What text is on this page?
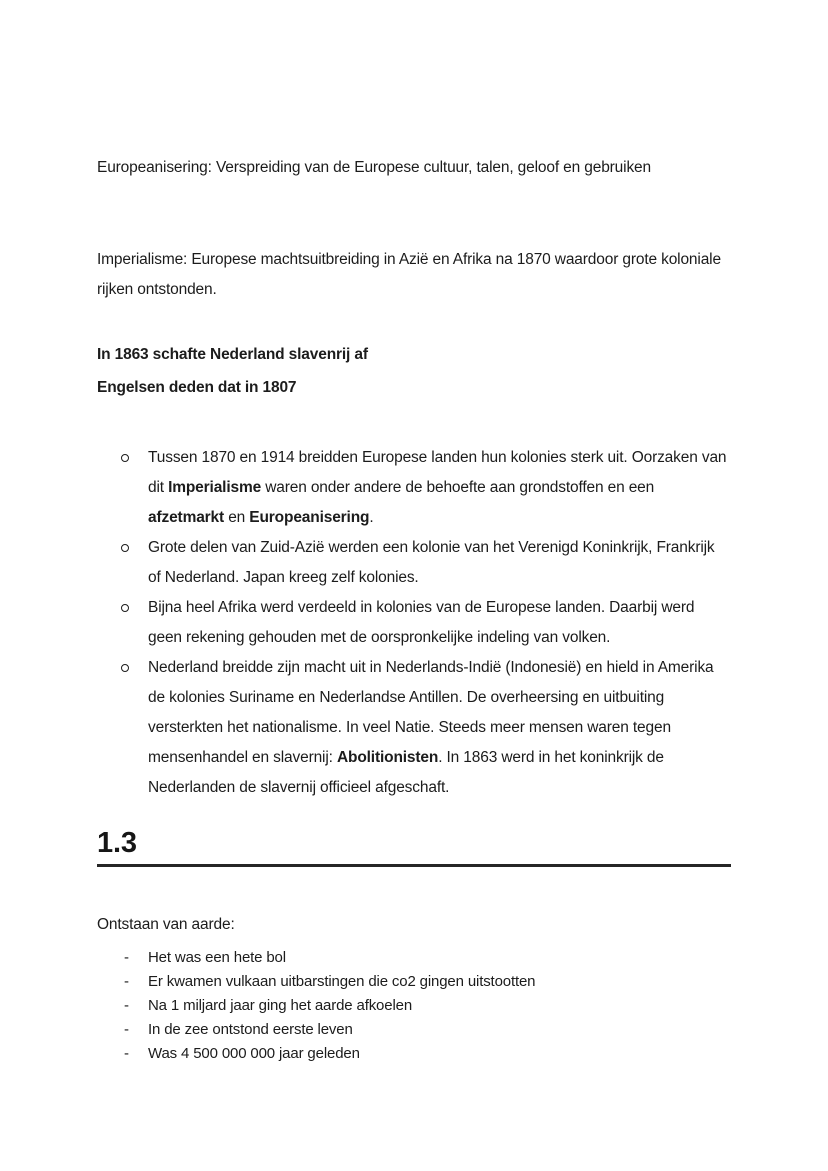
Europeanisering: Verspreiding van de Europese cultuur, talen, geloof en gebruiken

Imperialisme: Europese machtsuitbreiding in Azië en Afrika na 1870 waardoor grote koloniale rijken ontstonden.

In 1863 schafte Nederland slavenrij af

Engelsen deden dat in 1807

Tussen 1870 en 1914 breidden Europese landen hun kolonies sterk uit. Oorzaken van dit Imperialisme waren onder andere de behoefte aan grondstoffen en een afzetmarkt en Europeanisering.
Grote delen van Zuid-Azië werden een kolonie van het Verenigd Koninkrijk, Frankrijk of Nederland. Japan kreeg zelf kolonies.
Bijna heel Afrika werd verdeeld in kolonies van de Europese landen. Daarbij werd geen rekening gehouden met de oorspronkelijke indeling van volken.
Nederland breidde zijn macht uit in Nederlands-Indië (Indonesië) en hield in Amerika de kolonies Suriname en Nederlandse Antillen. De overheersing en uitbuiting versterkten het nationalisme. In veel Natie. Steeds meer mensen waren tegen mensenhandel en slavernij: Abolitionisten. In 1863 werd in het koninkrijk de Nederlanden de slavernij officieel afgeschaft.
1.3

Ontstaan van aarde:

- Het was een hete bol
- Er kwamen vulkaan uitbarstingen die co2 gingen uitstootten
- Na 1 miljard jaar ging het aarde afkoelen
- In de zee ontstond eerste leven
- Was 4 500 000 000 jaar geleden
